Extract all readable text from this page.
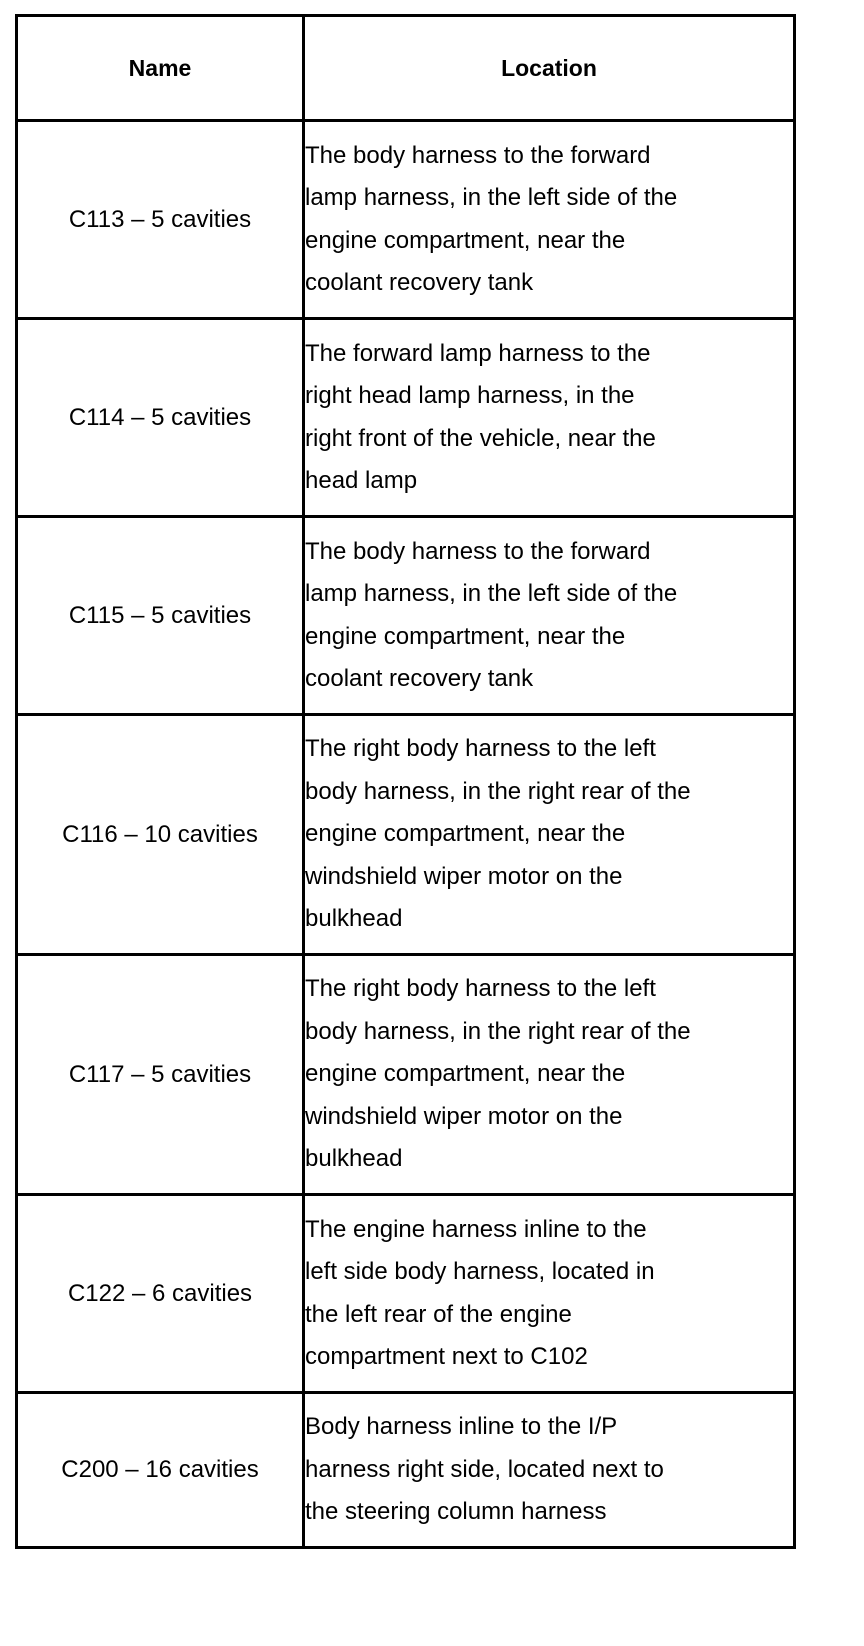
Name	Location
C113 – 5 cavities	The body harness to the forward
lamp harness, in the left side of the
engine compartment, near the
coolant recovery tank
C114 – 5 cavities	The forward lamp harness to the
right head lamp harness, in the
right front of the vehicle, near the
head lamp
C115 – 5 cavities	The body harness to the forward
lamp harness, in the left side of the
engine compartment, near the
coolant recovery tank
C116 – 10 cavities	The right body harness to the left
body harness, in the right rear of the
engine compartment, near the
windshield wiper motor on the
bulkhead
C117 – 5 cavities	The right body harness to the left
body harness, in the right rear of the
engine compartment, near the
windshield wiper motor on the
bulkhead
C122 – 6 cavities	The engine harness inline to the
left side body harness, located in
the left rear of the engine
compartment next to C102
C200 – 16 cavities	Body harness inline to the I/P
harness right side, located next to
the steering column harness
